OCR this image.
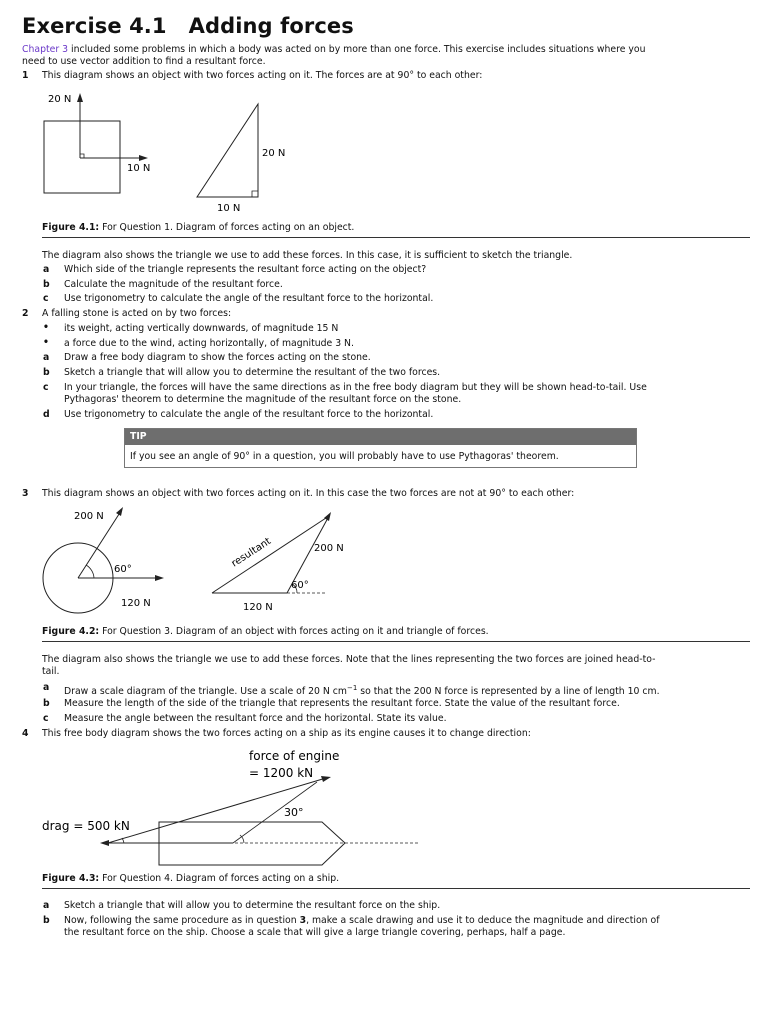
Exercise 4.1 Adding forces
Chapter 3 included some problems in which a body was acted on by more than one force. This exercise includes situations where you
need to use vector addition to find a resultant force.
1 This diagram shows an object with two forces acting on it. The forces are at 90° to each other:
20 N
10 N
20 N
10 N
Figure 4.1: For Question 1. Diagram of forces acting on an object.
The diagram also shows the triangle we use to add these forces. In this case, it is sufficient to sketch the triangle.
a Which side of the triangle represents the resultant force acting on the object?
b Calculate the magnitude of the resultant force.
c Use trigonometry to calculate the angle of the resultant force to the horizontal.
2 A falling stone is acted on by two forces:
• its weight, acting vertically downwards, of magnitude 15 N
• a force due to the wind, acting horizontally, of magnitude 3 N.
a Draw a free body diagram to show the forces acting on the stone.
b Sketch a triangle that will allow you to determine the resultant of the two forces.
c In your triangle, the forces will have the same directions as in the free body diagram but they will be shown head-to-tail. Use
Pythagoras' theorem to determine the magnitude of the resultant force on the stone.
d Use trigonometry to calculate the angle of the resultant force to the horizontal.
TIP
If you see an angle of 90° in a question, you will probably have to use Pythagoras' theorem.
3 This diagram shows an object with two forces acting on it. In this case the two forces are not at 90° to each other:
200 N
60°
120 N
resultant	200 N
60°
120 N
Figure 4.2: For Question 3. Diagram of an object with forces acting on it and triangle of forces.
The diagram also shows the triangle we use to add these forces. Note that the lines representing the two forces are joined head-to-
tail.
a Draw a scale diagram of the triangle. Use a scale of 20 N $cm^{-1}$ so that the 200 N force is represented by a line of length 10 cm.
b Measure the length of the side of the triangle that represents the resultant force. State the value of the resultant force.
c Measure the angle between the resultant force and the horizontal. State its value.
4 This free body diagram shows the two forces acting on a ship as its engine causes it to change direction:
force of engine
= 1200 kN
30°
drag = 500 kN
Figure 4.3: For Question 4. Diagram of forces acting on a ship.
a Sketch a triangle that will allow you to determine the resultant force on the ship.
b Now, following the same procedure as in question 3, make a scale drawing and use it to deduce the magnitude and direction of
the resultant force on the ship. Choose a scale that will give a large triangle covering, perhaps, half a page.
